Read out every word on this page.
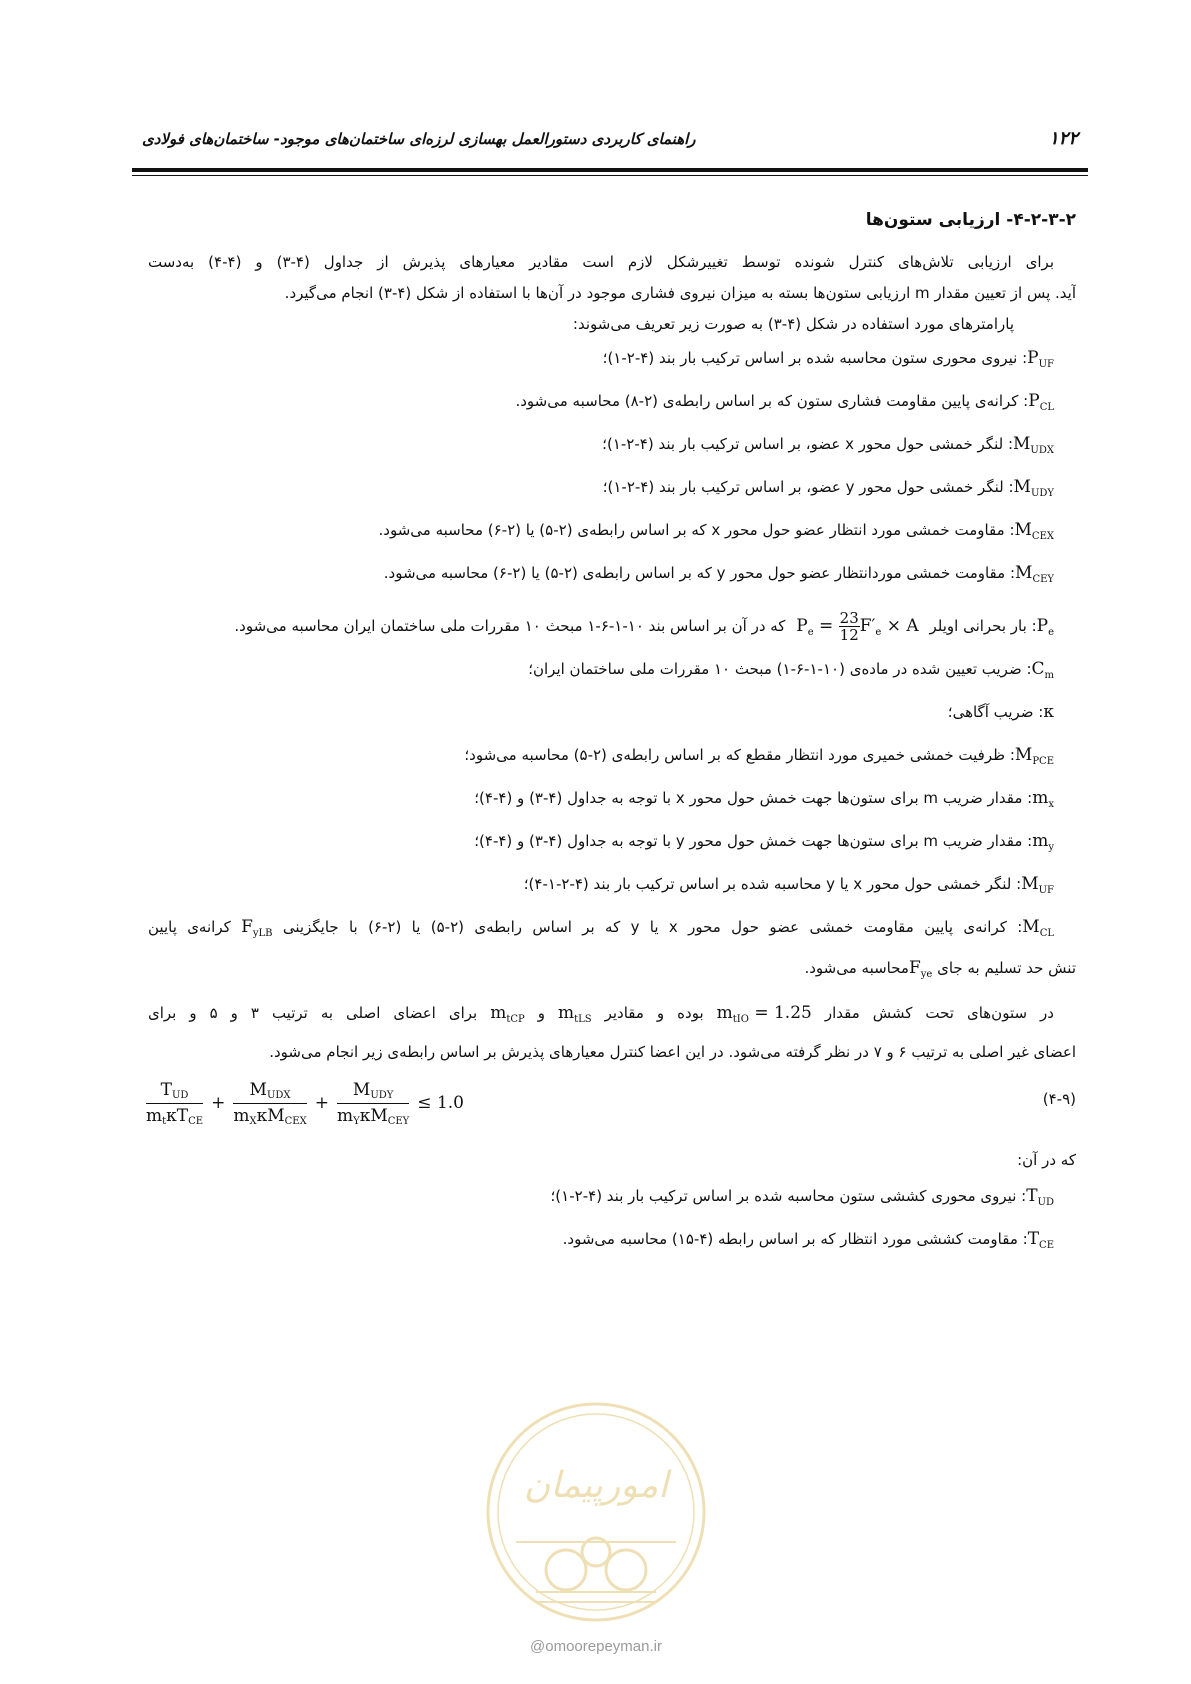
راهنمای کاربردی دستورالعمل بهسازی لرزه‌ای ساختمان‌های موجود- ساختمان‌های فولادی	۱۲۲
۴-۲-۳-۲- ارزیابی ستون‌ها
برای ارزیابی تلاش‌های کنترل شونده توسط تغییرشکل لازم است مقادیر معیارهای پذیرش از جداول (۴-۳) و (۴-۴) به‌دست
آید. پس از تعیین مقدار m ارزیابی ستون‌ها بسته به میزان نیروی فشاری موجود در آن‌ها با استفاده از شکل (۴-۳) انجام می‌گیرد.
پارامترهای مورد استفاده در شکل (۴-۳) به صورت زیر تعریف می‌شوند:
$P_{UF}$: نیروی محوری ستون محاسبه شده بر اساس ترکیب بار بند (۴-۲-۱)؛
$P_{CL}$: کرانه‌ی پایین مقاومت فشاری ستون که بر اساس رابطه‌ی (۲-۸) محاسبه می‌شود.
$M_{UDX}$: لنگر خمشی حول محور x عضو، بر اساس ترکیب بار بند (۴-۲-۱)؛
$M_{UDY}$: لنگر خمشی حول محور y عضو، بر اساس ترکیب بار بند (۴-۲-۱)؛
$M_{CEX}$: مقاومت خمشی مورد انتظار عضو حول محور x که بر اساس رابطه‌ی (۲-۵) یا (۲-۶) محاسبه می‌شود.
$M_{CEY}$: مقاومت خمشی موردانتظار عضو حول محور y که بر اساس رابطه‌ی (۲-۵) یا (۲-۶) محاسبه می‌شود.
$P_e$: بار بحرانی اویلر $P_e = \frac{23}{12} F'_e \times A$ که در آن بر اساس بند ۱۰-۱-۶-۱ مبحث ۱۰ مقررات ملی ساختمان ایران محاسبه می‌شود.
$C_m$: ضریب تعیین شده در ماده‌ی (۱۰-۱-۶-۱) مبحث ۱۰ مقررات ملی ساختمان ایران؛
κ: ضریب آگاهی؛
$M_{PCE}$: ظرفیت خمشی خمیری مورد انتظار مقطع که بر اساس رابطه‌ی (۲-۵) محاسبه می‌شود؛
$m_x$: مقدار ضریب m برای ستون‌ها جهت خمش حول محور x با توجه به جداول (۴-۳) و (۴-۴)؛
$m_y$: مقدار ضریب m برای ستون‌ها جهت خمش حول محور y با توجه به جداول (۴-۳) و (۴-۴)؛
$M_{UF}$: لنگر خمشی حول محور x یا y محاسبه شده بر اساس ترکیب بار بند (۴-۲-۱-۴)؛
$M_{CL}$: کرانه‌ی پایین مقاومت خمشی عضو حول محور x یا y که بر اساس رابطه‌ی (۲-۵) یا (۲-۶) با جایگزینی $F_{yLB}$ کرانه‌ی پایین
تنش حد تسلیم به جای $F_{ye}محاسبه$ می‌شود.
در ستون‌های تحت کشش مقدار $m_{tIO} = 1.25$ بوده و مقادیر $m_{tLS}$ و $m_{tCP}$ برای اعضای اصلی به ترتیب ۳ و ۵ و برای
اعضای غیر اصلی به ترتیب ۶ و ۷ در نظر گرفته می‌شود. در این اعضا کنترل معیارهای پذیرش بر اساس رابطه‌ی زیر انجام می‌شود.
$\frac{T_{UD}}{m_t\kappa T_{CE}} + \frac{M_{UDX}}{m_X\kappa M_{CEX}} + \frac{M_{UDY}}{m_Y\kappa M_{CEY}} \le 1.0$	(۴-۹)
که در آن:
$T_{UD}$: نیروی محوری کششی ستون محاسبه شده بر اساس ترکیب بار بند (۴-۲-۱)؛
$T_{CE}$: مقاومت کششی مورد انتظار که بر اساس رابطه (۴-۱۵) محاسبه می‌شود.
امورپیمان
@omoorepeyman.ir
